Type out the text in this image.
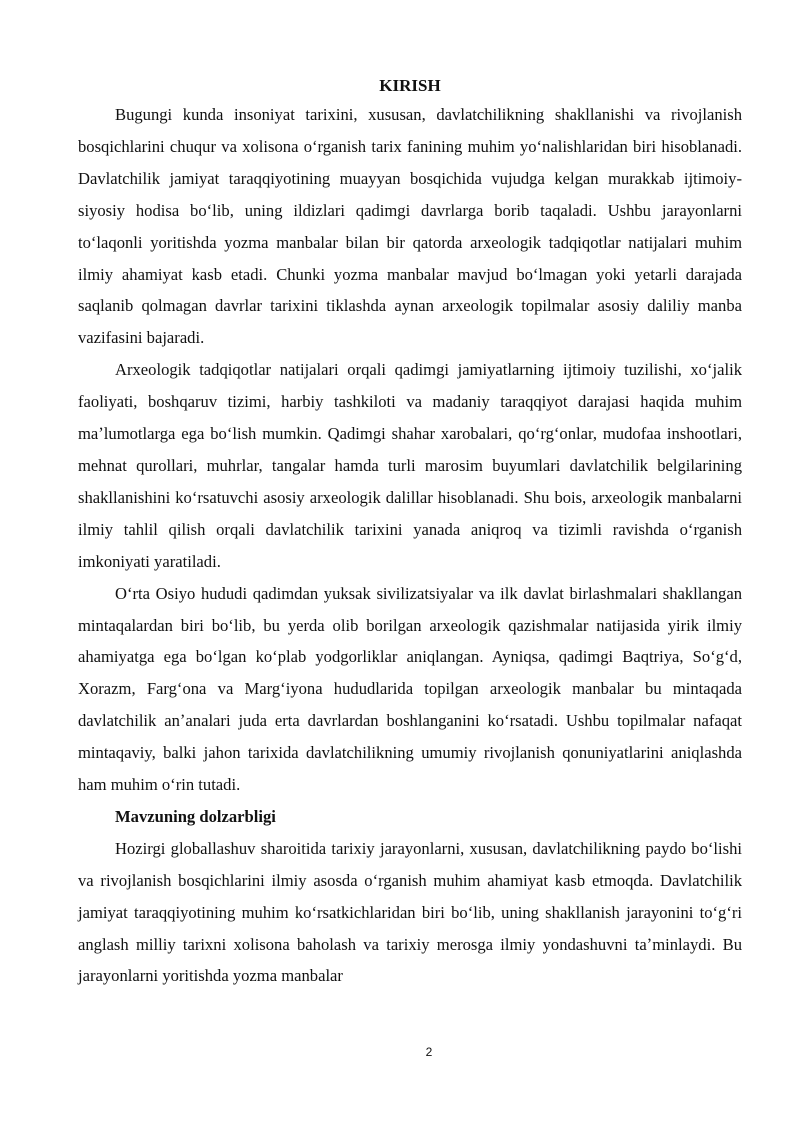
KIRISH

Bugungi kunda insoniyat tarixini, xususan, davlatchilikning shakllanishi va rivojlanish bosqichlarini chuqur va xolisona oʻrganish tarix fanining muhim yoʻnalishlaridan biri hisoblanadi. Davlatchilik jamiyat taraqqiyotining muayyan bosqichida vujudga kelgan murakkab ijtimoiy-siyosiy hodisa boʻlib, uning ildizlari qadimgi davrlarga borib taqaladi. Ushbu jarayonlarni toʻlaqonli yoritishda yozma manbalar bilan bir qatorda arxeologik tadqiqotlar natijalari muhim ilmiy ahamiyat kasb etadi. Chunki yozma manbalar mavjud boʻlmagan yoki yetarli darajada saqlanib qolmagan davrlar tarixini tiklashda aynan arxeologik topilmalar asosiy daliliy manba vazifasini bajaradi.

Arxeologik tadqiqotlar natijalari orqali qadimgi jamiyatlarning ijtimoiy tuzilishi, xoʻjalik faoliyati, boshqaruv tizimi, harbiy tashkiloti va madaniy taraqqiyot darajasi haqida muhim maʼlumotlarga ega boʻlish mumkin. Qadimgi shahar xarobalari, qoʻrgʻonlar, mudofaa inshootlari, mehnat qurollari, muhrlar, tangalar hamda turli marosim buyumlari davlatchilik belgilarining shakllanishini koʻrsatuvchi asosiy arxeologik dalillar hisoblanadi. Shu bois, arxeologik manbalarni ilmiy tahlil qilish orqali davlatchilik tarixini yanada aniqroq va tizimli ravishda oʻrganish imkoniyati yaratiladi.

Oʻrta Osiyo hududi qadimdan yuksak sivilizatsiyalar va ilk davlat birlashmalari shakllangan mintaqalardan biri boʻlib, bu yerda olib borilgan arxeologik qazishmalar natijasida yirik ilmiy ahamiyatga ega boʻlgan koʻplab yodgorliklar aniqlangan. Ayniqsa, qadimgi Baqtriya, Soʻgʻd, Xorazm, Fargʻona va Margʻiyona hududlarida topilgan arxeologik manbalar bu mintaqada davlatchilik anʼanalari juda erta davrlardan boshlanganini koʻrsatadi. Ushbu topilmalar nafaqat mintaqaviy, balki jahon tarixida davlatchilikning umumiy rivojlanish qonuniyatlarini aniqlashda ham muhim oʻrin tutadi.

Mavzuning dolzarbligi

Hozirgi globallashuv sharoitida tarixiy jarayonlarni, xususan, davlatchilikning paydo boʻlishi va rivojlanish bosqichlarini ilmiy asosda oʻrganish muhim ahamiyat kasb etmoqda. Davlatchilik jamiyat taraqqiyotining muhim koʻrsatkichlaridan biri boʻlib, uning shakllanish jarayonini toʻgʻri anglash milliy tarixni xolisona baholash va tarixiy merosga ilmiy yondashuvni taʼminlaydi. Bu jarayonlarni yoritishda yozma manbalar

2
